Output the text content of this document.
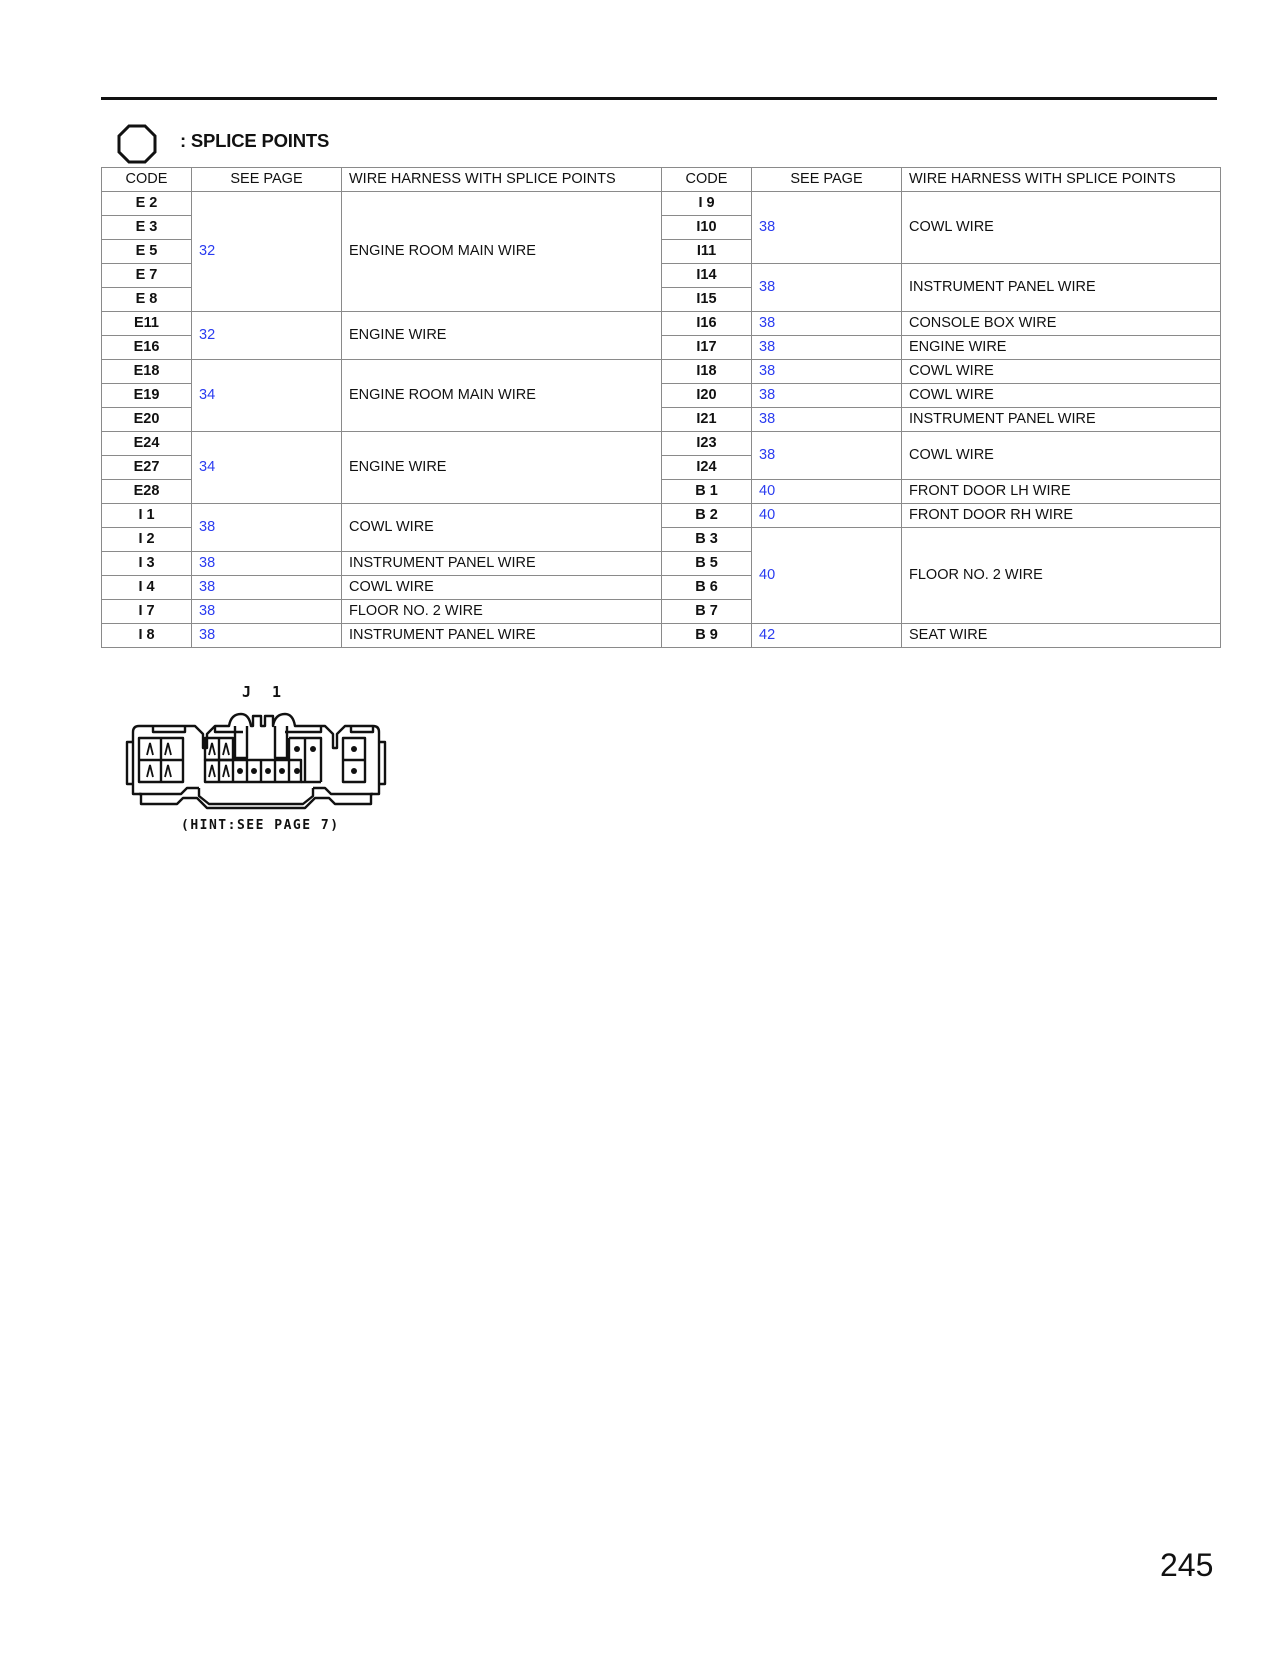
: SPLICE POINTS
CODE	SEE PAGE	WIRE HARNESS WITH SPLICE POINTS	CODE	SEE PAGE	WIRE HARNESS WITH SPLICE POINTS
E 2	32	ENGINE ROOM MAIN WIRE	I 9	38	COWL WIRE
E 3			I10		
E 5			I11		
E 7			I14	38	INSTRUMENT PANEL WIRE
E 8			I15		
E11	32	ENGINE WIRE	I16	38	CONSOLE BOX WIRE
E16			I17	38	ENGINE WIRE
E18	34	ENGINE ROOM MAIN WIRE	I18	38	COWL WIRE
E19			I20	38	COWL WIRE
E20			I21	38	INSTRUMENT PANEL WIRE
E24	34	ENGINE WIRE	I23	38	COWL WIRE
E27			I24		
E28			B 1	40	FRONT DOOR LH WIRE
I 1	38	COWL WIRE	B 2	40	FRONT DOOR RH WIRE
I 2			B 3	40	FLOOR NO. 2 WIRE
I 3	38	INSTRUMENT PANEL WIRE	B 5		
I 4	38	COWL WIRE	B 6		
I 7	38	FLOOR NO. 2 WIRE	B 7		
I 8	38	INSTRUMENT PANEL WIRE	B 9	42	SEAT WIRE
J 1
(HINT:SEE PAGE 7)
245
